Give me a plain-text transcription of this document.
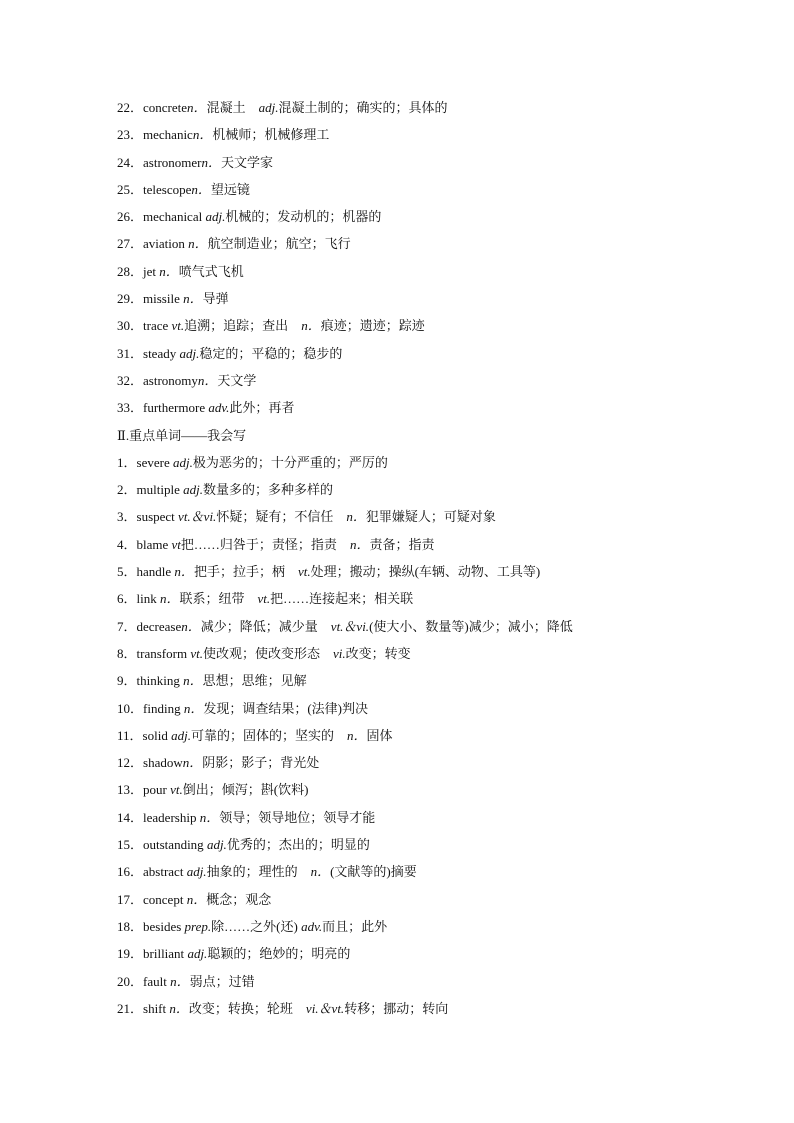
22．concreten．混凝土　adj.混凝土制的；确实的；具体的
23．mechanicn．机械师；机械修理工
24．astronomern．天文学家
25．telescopen．望远镜
26．mechanical adj.机械的；发动机的；机器的
27．aviation n．航空制造业；航空；飞行
28．jet n．喷气式飞机
29．missile n．导弹
30．trace vt.追溯；追踪；查出　n．痕迹；遗迹；踪迹
31．steady adj.稳定的；平稳的；稳步的
32．astronomyn．天文学
33．furthermore adv.此外；再者
Ⅱ.重点单词——我会写
1．severe adj.极为恶劣的；十分严重的；严厉的
2．multiple adj.数量多的；多种多样的
3．suspect vt.＆vi.怀疑；疑有；不信任　n．犯罪嫌疑人；可疑对象
4．blame vt把……归咎于；责怪；指责　n．责备；指责
5．handle n．把手；拉手；柄　vt.处理；搬动；操纵(车辆、动物、工具等)
6．link n．联系；纽带　vt.把……连接起来；相关联
7．decreasen．减少；降低；减少量　vt.＆vi.(使大小、数量等)减少；减小；降低
8．transform vt.使改观；使改变形态　vi.改变；转变
9．thinking n．思想；思维；见解
10．finding n．发现；调查结果；(法律)判决
11．solid adj.可靠的；固体的；坚实的　n．固体
12．shadown．阴影；影子；背光处
13．pour vt.倒出；倾泻；斟(饮料)
14．leadership n．领导；领导地位；领导才能
15．outstanding adj.优秀的；杰出的；明显的
16．abstract adj.抽象的；理性的　n．(文献等的)摘要
17．concept n．概念；观念
18．besides prep.除……之外(还) adv.而且；此外
19．brilliant adj.聪颖的；绝妙的；明亮的
20．fault n．弱点；过错
21．shift n．改变；转换；轮班　vi.＆vt.转移；挪动；转向
